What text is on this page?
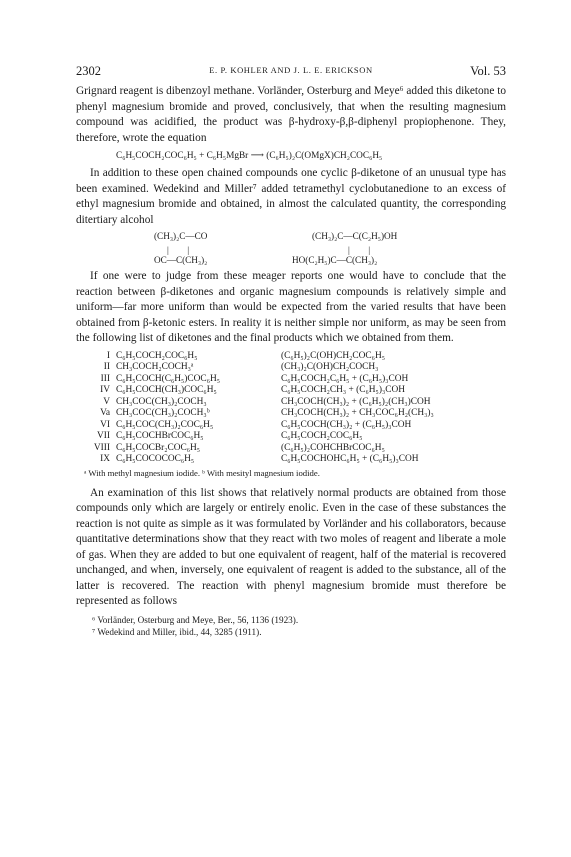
2302	E. P. KOHLER AND J. L. E. ERICKSON	Vol. 53

Grignard reagent is dibenzoyl methane. Vorländer, Osterburg and Meye⁶ added this diketone to phenyl magnesium bromide and proved, conclusively, that when the resulting magnesium compound was acidified, the product was β-hydroxy-β,β-diphenyl propiophenone. They, therefore, wrote the equation

C₆H₅COCH₂COC₆H₅ + C₆H₅MgBr ⟶ (C₆H₅)₂C(OMgX)CH₂COC₆H₅

In addition to these open chained compounds one cyclic β-diketone of an unusual type has been examined. Wedekind and Miller⁷ added tetramethyl cyclobutanedione to an excess of ethyl magnesium bromide and obtained, in almost the calculated quantity, the corresponding ditertiary alcohol

(CH₃)₂C—CO
|        |
OC—C(CH₃)₂
(CH₃)₂C—C(C₂H₅)OH
|        |
HO(C₂H₅)C—C(CH₃)₂

If one were to judge from these meager reports one would have to conclude that the reaction between β-diketones and organic magnesium compounds is relatively simple and uniform—far more uniform than would be expected from the varied results that have been obtained from β-ketonic esters. In reality it is neither simple nor uniform, as may be seen from the following list of diketones and the final products which we obtained from them.

I	C₆H₅COCH₂COC₆H₅	(C₆H₅)₂C(OH)CH₂COC₆H₅
II	CH₃COCH₂COCH₃ᵃ	(CH₃)₂C(OH)CH₂COCH₃
III	C₆H₅COCH(C₆H₅)COC₆H₅	C₆H₅COCH₂C₆H₅ + (C₆H₅)₃COH
IV	C₆H₅COCH(CH₃)COC₆H₅	C₆H₅COCH₂CH₃ + (C₆H₅)₃COH
V	CH₃COC(CH₃)₂COCH₃	CH₃COCH(CH₃)₂ + (C₆H₅)₂(CH₃)COH
Va	CH₃COC(CH₃)₂COCH₃ᵇ	CH₃COCH(CH₃)₂ + CH₃COC₆H₂(CH₃)₃
VI	C₆H₅COC(CH₃)₂COC₆H₅	C₆H₅COCH(CH₃)₂ + (C₆H₅)₃COH
VII	C₆H₅COCHBrCOC₆H₅	C₆H₅COCH₂COC₆H₅
VIII	C₆H₅COCBr₂COC₆H₅	(C₆H₅)₂COHCHBrCOC₆H₅
IX	C₆H₅COCOCOC₆H₅	C₆H₅COCHOHC₆H₅ + (C₆H₅)₃COH
ᵃ With methyl magnesium iodide. ᵇ With mesityl magnesium iodide.

An examination of this list shows that relatively normal products are obtained from those compounds only which are largely or entirely enolic. Even in the case of these substances the reaction is not quite as simple as it was formulated by Vorländer and his collaborators, because quantitative determinations show that they react with two moles of reagent and liberate a mole of gas. When they are added to but one equivalent of reagent, half of the material is recovered unchanged, and when, inversely, one equivalent of reagent is added to the substance, all of the latter is recovered. The reaction with phenyl magnesium bromide must therefore be represented as follows

⁶ Vorländer, Osterburg and Meye, Ber., 56, 1136 (1923).
⁷ Wedekind and Miller, ibid., 44, 3285 (1911).
